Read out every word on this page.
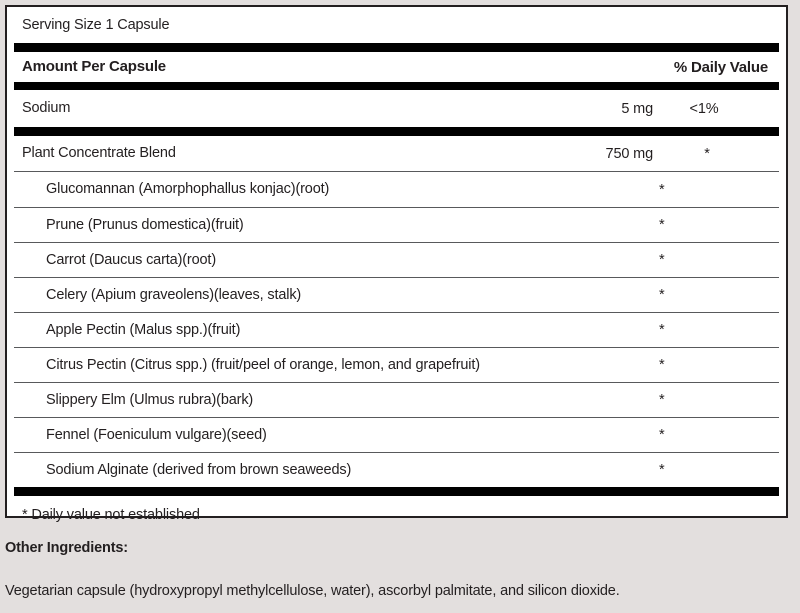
Serving Size 1 Capsule
Amount Per Capsule	% Daily Value
Sodium	5 mg	<1%
Plant Concentrate Blend	750 mg	*
Glucomannan (Amorphophallus konjac)(root)	*
Prune (Prunus domestica)(fruit)	*
Carrot (Daucus carta)(root)	*
Celery (Apium graveolens)(leaves, stalk)	*
Apple Pectin (Malus spp.)(fruit)	*
Citrus Pectin (Citrus spp.) (fruit/peel of orange, lemon, and grapefruit)	*
Slippery Elm (Ulmus rubra)(bark)	*
Fennel (Foeniculum vulgare)(seed)	*
Sodium Alginate (derived from brown seaweeds)	*
* Daily value not established
Other Ingredients:
Vegetarian capsule (hydroxypropyl methylcellulose, water), ascorbyl palmitate, and silicon dioxide.
